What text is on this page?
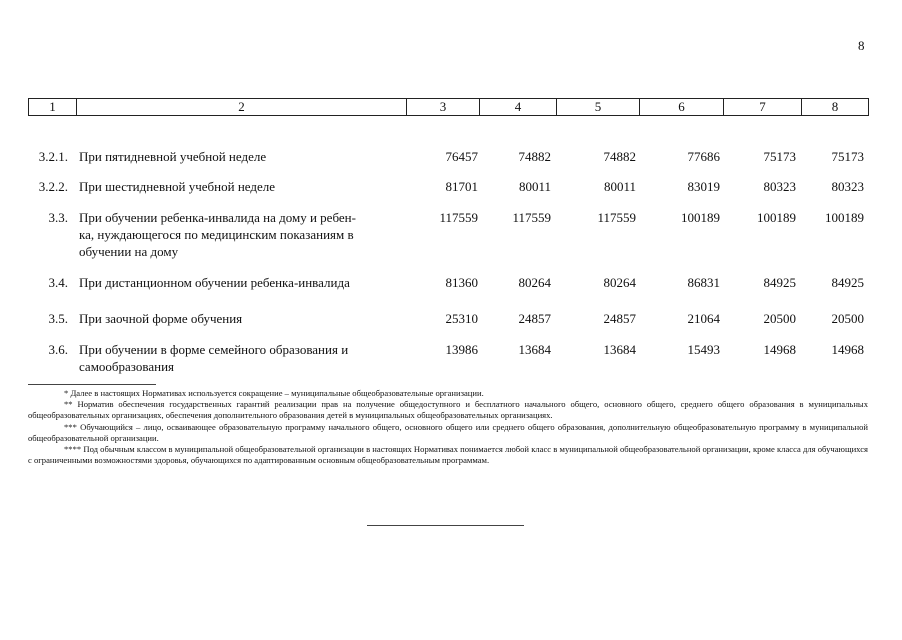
8
1	2	3	4	5	6	7	8
3.2.1. При пятидневной учебной неделе	76457	74882	74882	77686	75173	75173
3.2.2. При шестидневной учебной неделе	81701	80011	80011	83019	80323	80323
3.3. При обучении ребенка-инвалида на дому и ребен-
ка, нуждающегося по медицинским показаниям в
обучении на дому
117559	117559	117559	100189	100189	100189
3.4. При дистанционном обучении ребенка-инвалида	81360	80264	80264	86831	84925	84925
3.5. При заочной форме обучения	25310	24857	24857	21064	20500	20500
3.6. При обучении в форме семейного образования и
самообразования
13986	13684	13684	15493	14968	14968

* Далее в настоящих Нормативах используется сокращение – муниципальные общеобразовательные организации.

** Норматив обеспечения государственных гарантий реализации прав на получение общедоступного и бесплатного начального общего, основного общего, среднего общего образования в муниципальных общеобразовательных организациях, обеспечения дополнительного образования детей в муниципальных общеобразовательных организациях.

*** Обучающийся – лицо, осваивающее образовательную программу начального общего, основного общего или среднего общего образования, дополнительную общеобразовательную программу в муниципальной общеобразовательной организации.

**** Под обычным классом в муниципальной общеобразовательной организации в настоящих Нормативах понимается любой класс в муниципальной общеобразовательной организации, кроме класса для обучающихся с ограниченными возможностями здоровья, обучающихся по адаптированным основным общеобразовательным программам.
